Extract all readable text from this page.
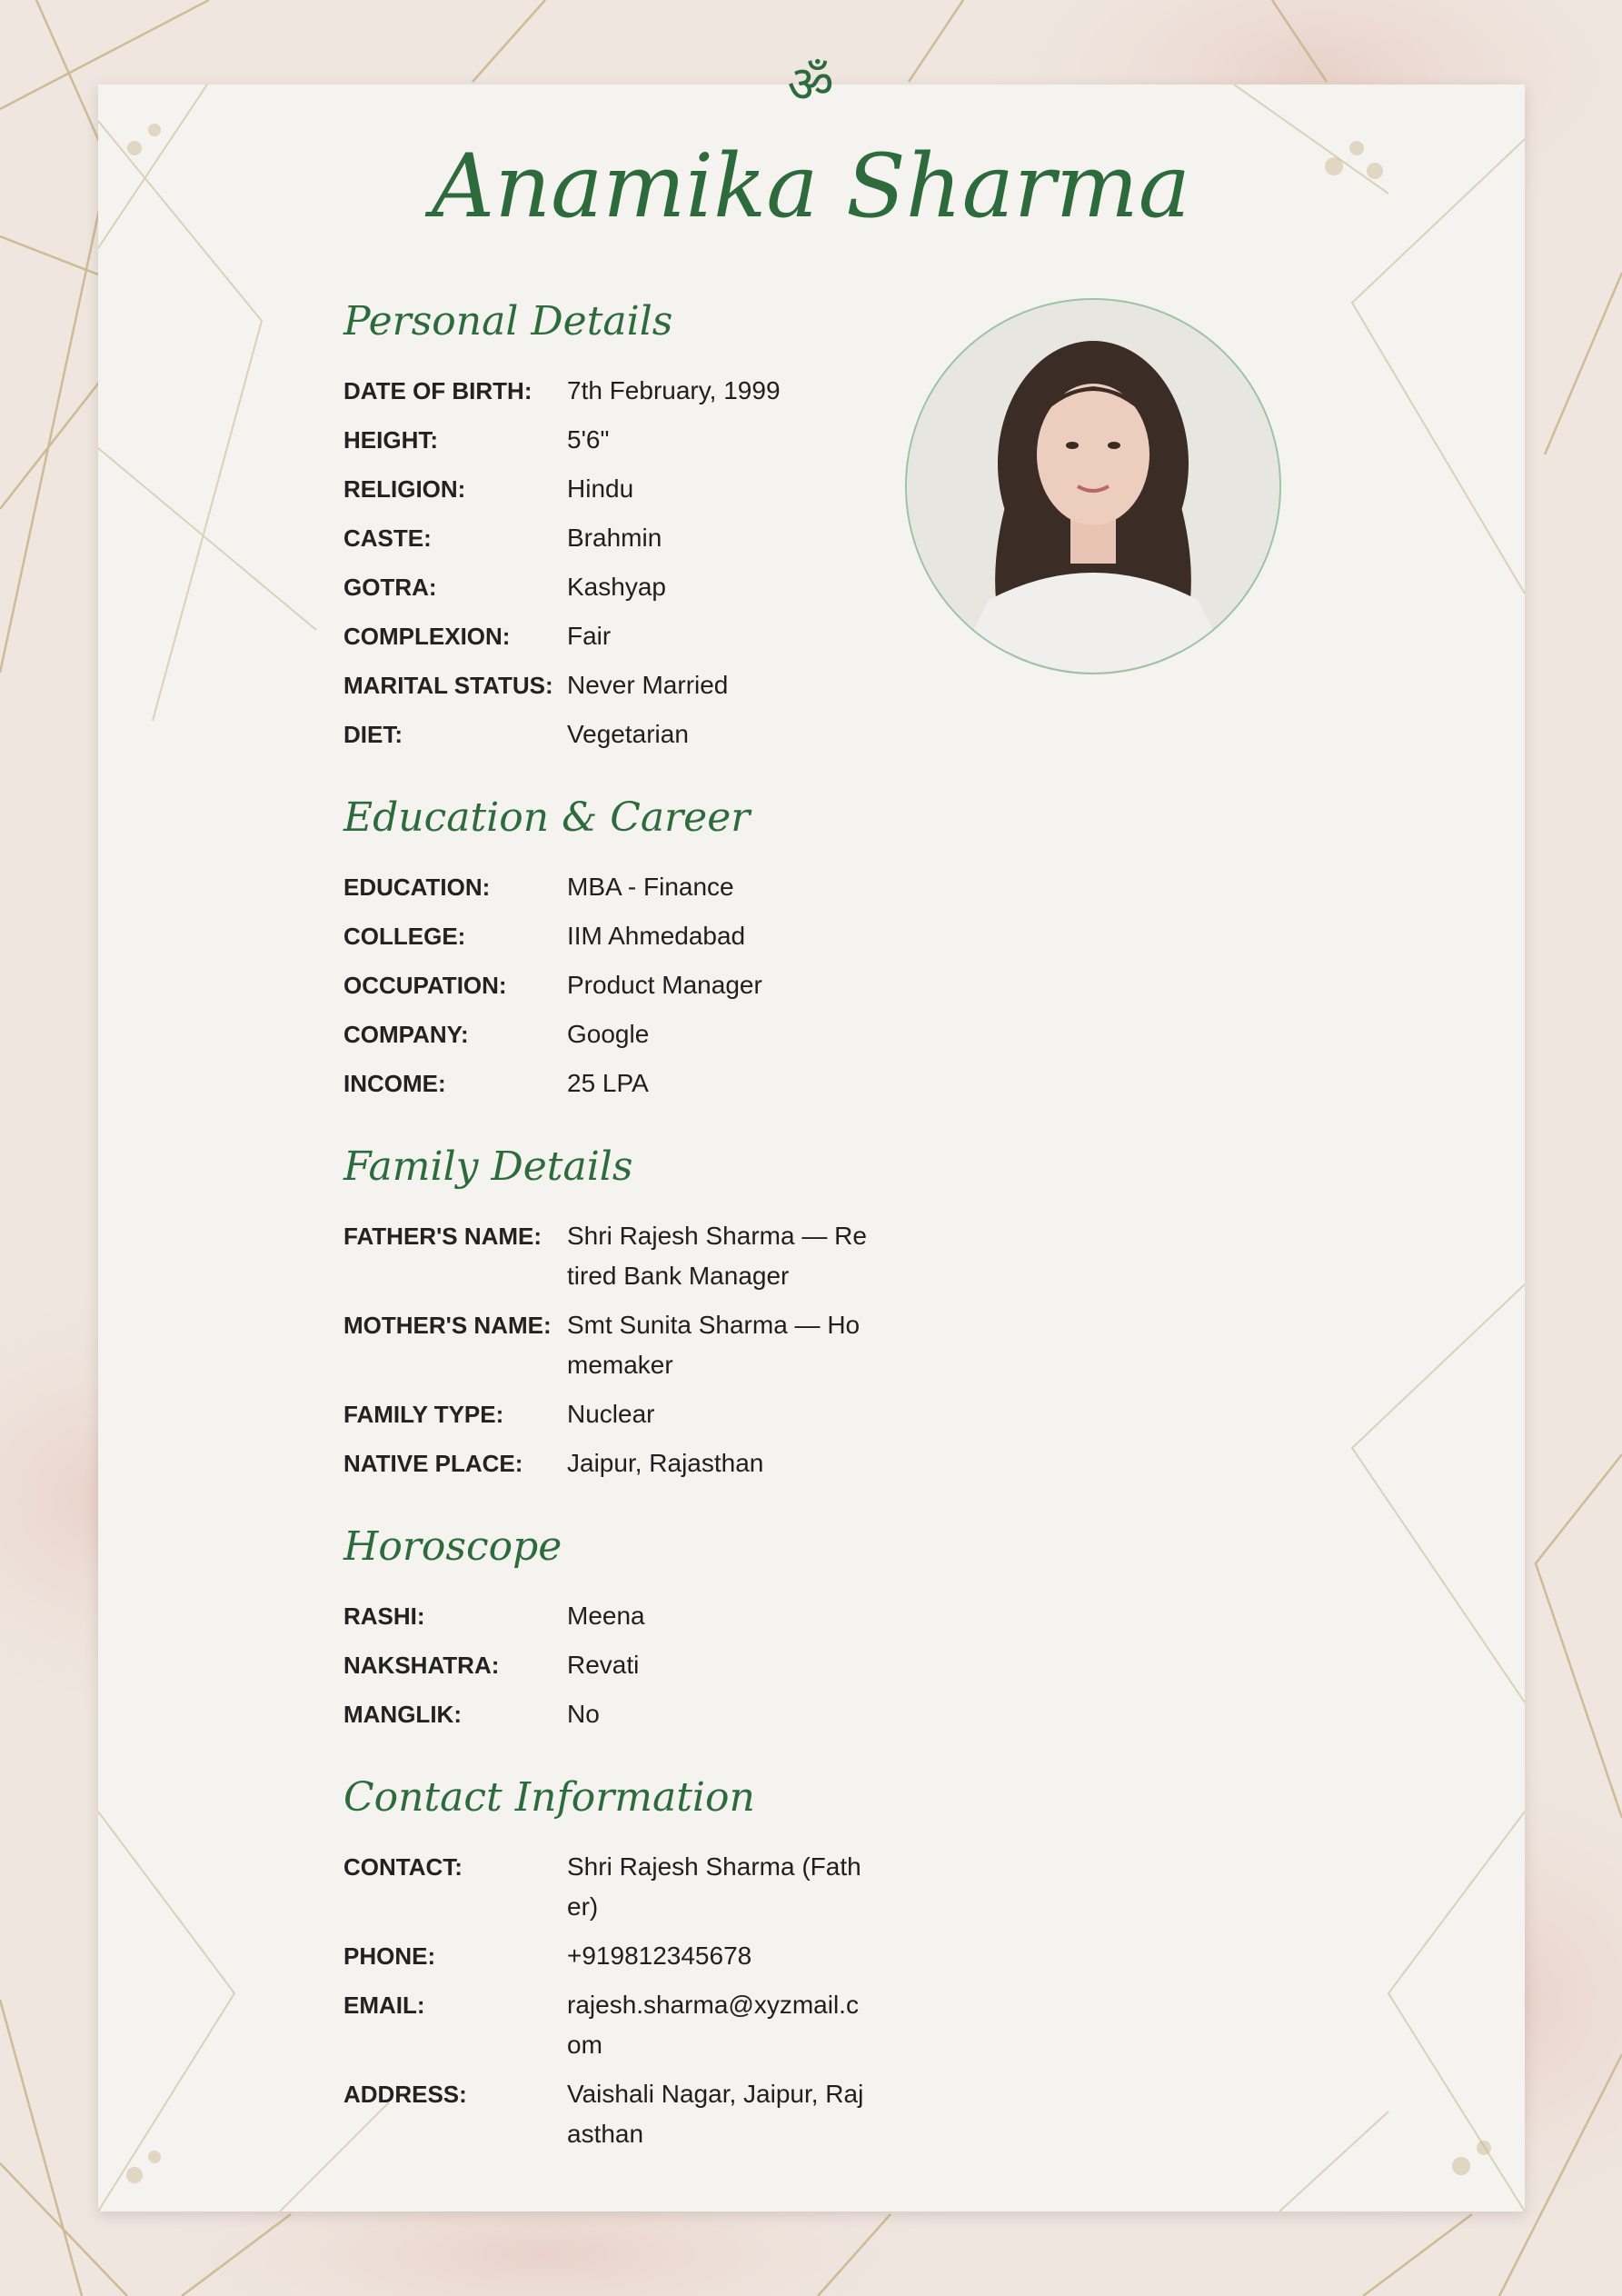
ॐ
Anamika Sharma
Personal Details
DATE OF BIRTH:	7th February, 1999
HEIGHT:	5'6"
RELIGION:	Hindu
CASTE:	Brahmin
GOTRA:	Kashyap
COMPLEXION:	Fair
MARITAL STATUS: Never Married
DIET:	Vegetarian
Education & Career
EDUCATION:	MBA - Finance
COLLEGE:	IIM Ahmedabad
OCCUPATION:	Product Manager
COMPANY:	Google
INCOME:	25 LPA
Family Details
FATHER'S NAME: Shri Rajesh Sharma — Retired Bank Manager
MOTHER'S NAME: Smt Sunita Sharma — Homemaker
FAMILY TYPE:	Nuclear
NATIVE PLACE:	Jaipur, Rajasthan
Horoscope
RASHI:	Meena
NAKSHATRA:	Revati
MANGLIK:	No
Contact Information
CONTACT:	Shri Rajesh Sharma (Father)
PHONE:	+919812345678
EMAIL:	rajesh.sharma@xyzmail.com
ADDRESS:	Vaishali Nagar, Jaipur, Rajasthan
